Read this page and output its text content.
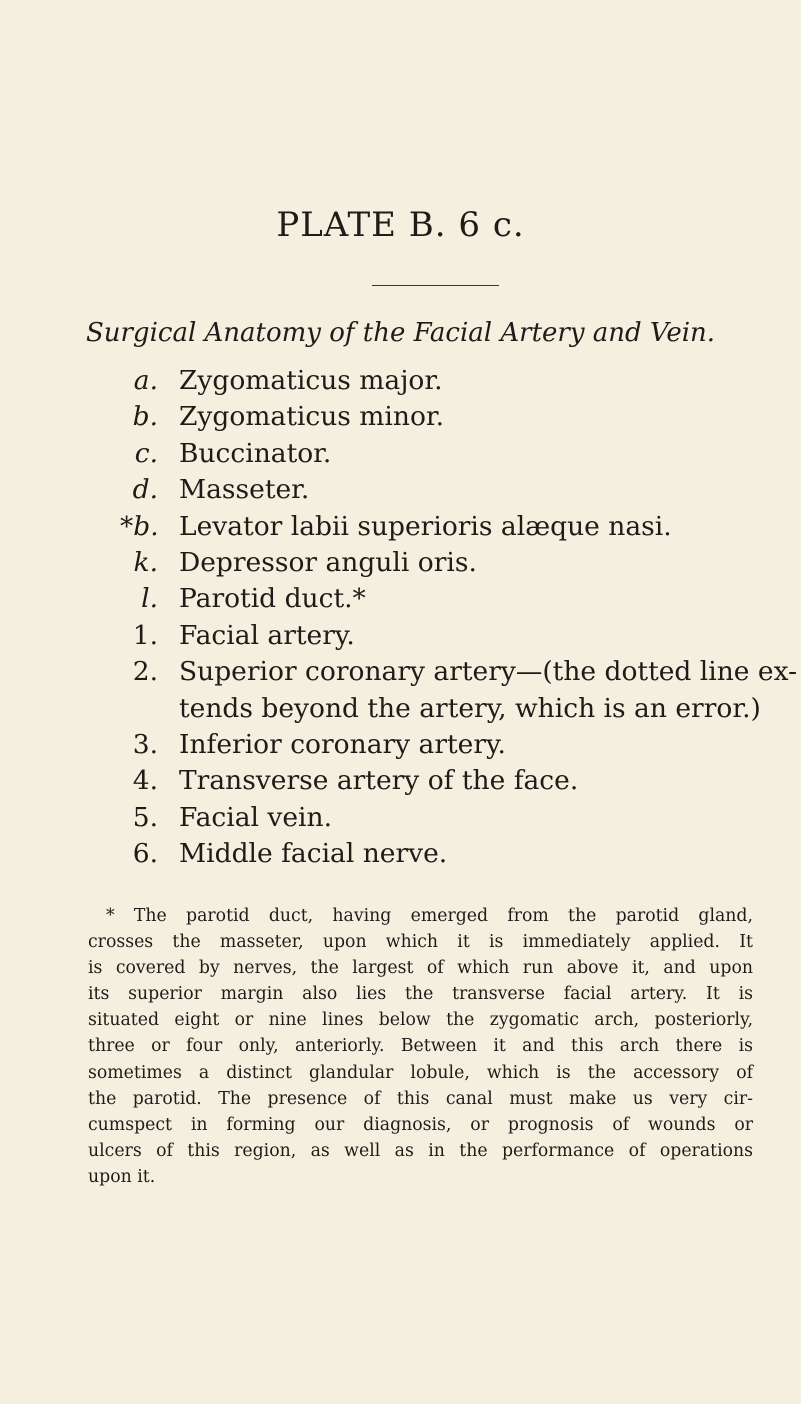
PLATE B. 6 c.
Surgical Anatomy of the Facial Artery and Vein.
a. Zygomaticus major.
b. Zygomaticus minor.
c. Buccinator.
d. Masseter.
*b. Levator labii superioris alæque nasi.
k. Depressor anguli oris.
l. Parotid duct.*
1. Facial artery.
2. Superior coronary artery—(the dotted line ex-
tends beyond the artery, which is an error.)
3. Inferior coronary artery.
4. Transverse artery of the face.
5. Facial vein.
6. Middle facial nerve.

* The parotid duct, having emerged from the parotid gland,
crosses the masseter, upon which it is immediately applied. It
is covered by nerves, the largest of which run above it, and upon
its superior margin also lies the transverse facial artery. It is
situated eight or nine lines below the zygomatic arch, posteriorly,
three or four only, anteriorly. Between it and this arch there is
sometimes a distinct glandular lobule, which is the accessory of
the parotid. The presence of this canal must make us very cir-
cumspect in forming our diagnosis, or prognosis of wounds or
ulcers of this region, as well as in the performance of operations
upon it.
